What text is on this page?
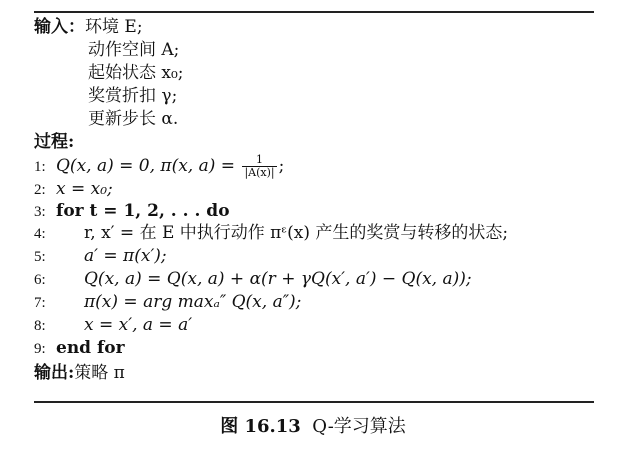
输入：环境 E;
动作空间 A;
起始状态 x₀;
奖赏折扣 γ;
更新步长 α.
过程:
1: Q(x, a) = 0, π(x, $a) = \frac{1}{|A(x)|}$ ;
2: x = x₀;
3: for t = 1, 2, . . . do
4: r, x′ = 在 E 中执行动作 πᵋ(x) 产生的奖赏与转移的状态;
5: a′ = π(x′);
6: Q(x, a) = Q(x, a) + α(r + γQ(x′, a′) − Q(x, a));
7: π(x) = arg maxₐ″ Q(x, a″);
8: x = x′, a = a′
9: end for
输出:策略 π
图 16.13 Q-学习算法
